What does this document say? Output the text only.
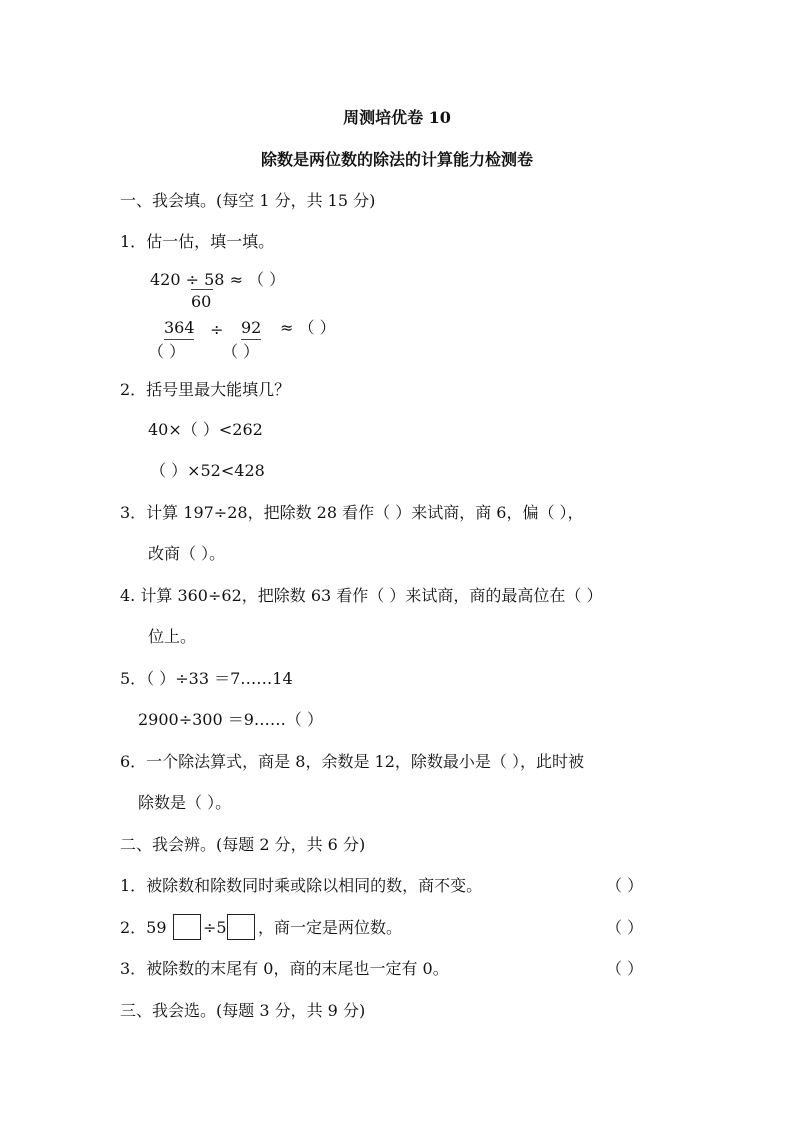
周测培优卷 10
除数是两位数的除法的计算能力检测卷
一、我会填。(每空 1 分，共 15 分)
1．估一估，填一填。
420 ÷ 58 ≈ （ ）
60
364 ÷ 92 ≈ （ ）
（ ） （ ）
2．括号里最大能填几？
40×（ ）<262
（ ）×52<428
3．计算 197÷28，把除数 28 看作（ ）来试商，商 6，偏（ ），
改商（ ）。
4. 计算 360÷62，把除数 63 看作（ ）来试商，商的最高位在（ ）
位上。
5．（ ）÷33 ＝7……14
2900÷300 ＝9……（ ）
6．一个除法算式，商是 8，余数是 12，除数最小是（ ），此时被
除数是（ ）。
二、我会辨。(每题 2 分，共 6 分)
1．被除数和除数同时乘或除以相同的数，商不变。	（ ）
2．59 ÷5 ，商一定是两位数。	（ ）
3．被除数的末尾有 0，商的末尾也一定有 0。	（ ）
三、我会选。(每题 3 分，共 9 分)
